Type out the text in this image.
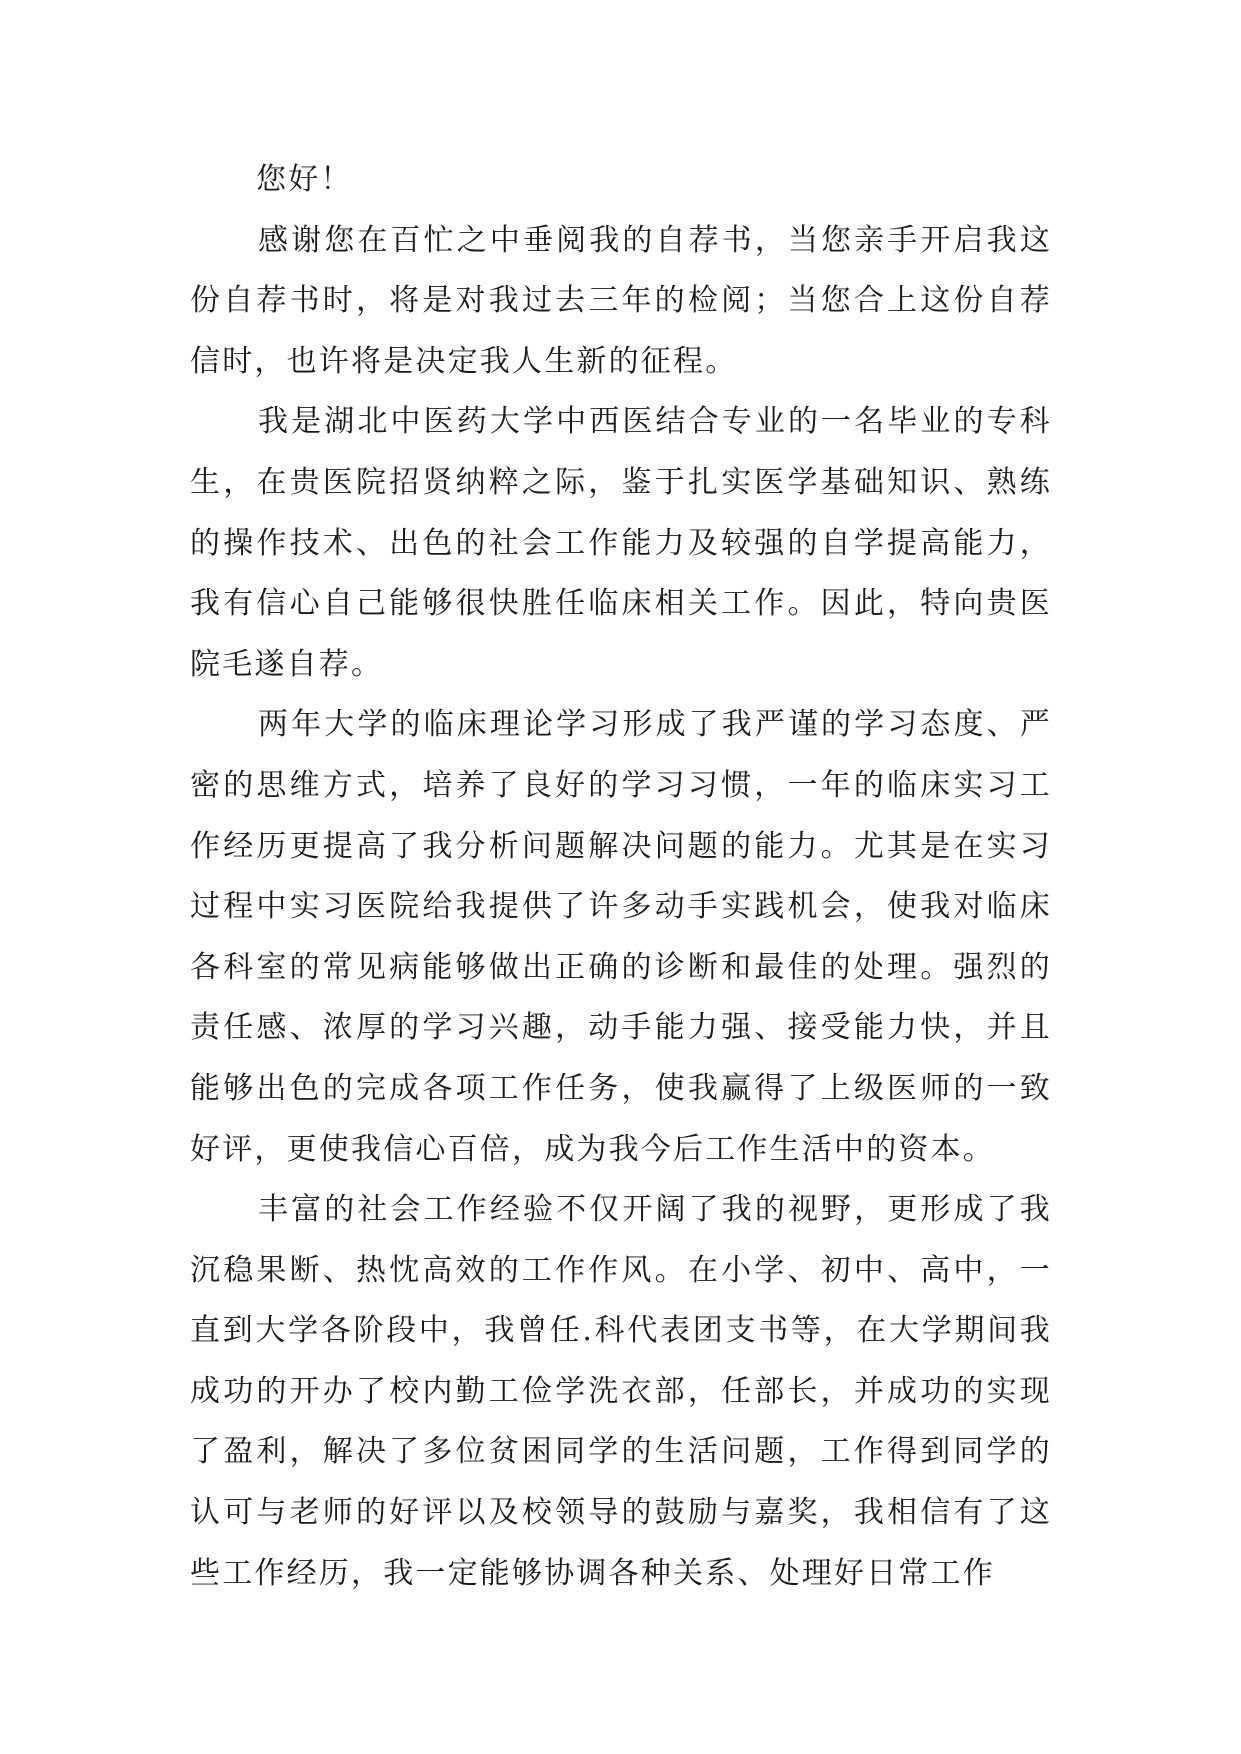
您好！

感谢您在百忙之中垂阅我的自荐书，当您亲手开启我这份自荐书时，将是对我过去三年的检阅；当您合上这份自荐信时，也许将是决定我人生新的征程。

我是湖北中医药大学中西医结合专业的一名毕业的专科生，在贵医院招贤纳粹之际，鉴于扎实医学基础知识、熟练的操作技术、出色的社会工作能力及较强的自学提高能力，我有信心自己能够很快胜任临床相关工作。因此，特向贵医院毛遂自荐。

两年大学的临床理论学习形成了我严谨的学习态度、严密的思维方式，培养了良好的学习习惯，一年的临床实习工作经历更提高了我分析问题解决问题的能力。尤其是在实习过程中实习医院给我提供了许多动手实践机会，使我对临床各科室的常见病能够做出正确的诊断和最佳的处理。强烈的责任感、浓厚的学习兴趣，动手能力强、接受能力快，并且能够出色的完成各项工作任务，使我赢得了上级医师的一致好评，更使我信心百倍，成为我今后工作生活中的资本。

丰富的社会工作经验不仅开阔了我的视野，更形成了我沉稳果断、热忱高效的工作作风。在小学、初中、高中，一直到大学各阶段中，我曾任.科代表团支书等，在大学期间我成功的开办了校内勤工俭学洗衣部，任部长，并成功的实现了盈利，解决了多位贫困同学的生活问题，工作得到同学的认可与老师的好评以及校领导的鼓励与嘉奖，我相信有了这些工作经历，我一定能够协调各种关系、处理好日常工作
